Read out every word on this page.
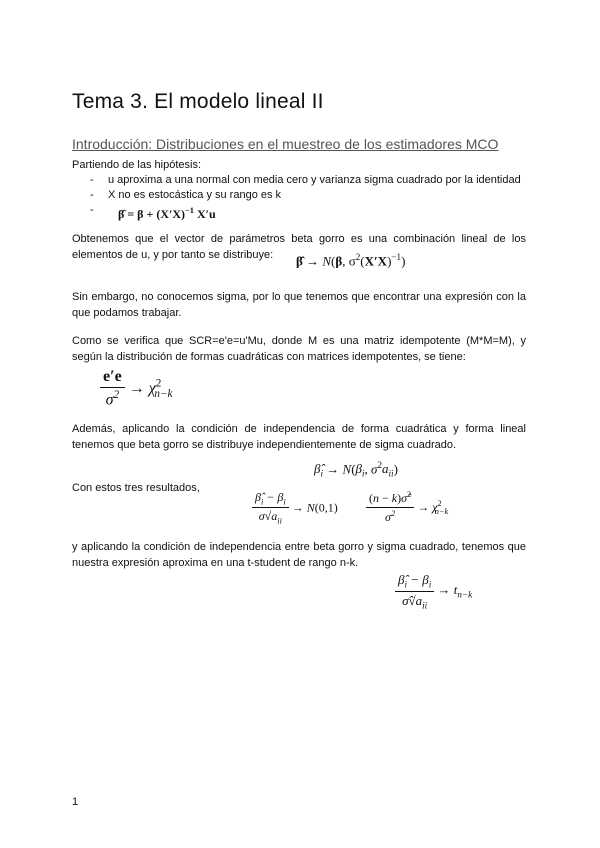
Tema 3. El modelo lineal II
Introducción: Distribuciones en el muestreo de los estimadores MCO
Partiendo de las hipótesis:
-	u aproxima a una normal con media cero y varianza sigma cuadrado por la identidad
-	X no es estocástica y su rango es k
-	β̂ = $\beta + (X'X)^{-1}$ X′u
Obtenemos que el vector de parámetros beta gorro es una combinación lineal de los elementos de u, y por tanto se distribuye:	β̂ → N(β, $\sigma^2(X'X)^{-1}$)
Sin embargo, no conocemos sigma, por lo que tenemos que encontrar una expresión con la que podamos trabajar.
Como se verifica que SCR=e'e=u'Mu, donde M es una matriz idempotente (M*M=M), y según la distribución de formas cuadráticas con matrices idempotentes, se tiene:
$\frac{e'e}{\sigma^2} \to \chi^2_{n-k}$
Además, aplicando la condición de independencia de forma cuadrática y forma lineal tenemos que beta gorro se distribuye independientemente de sigma cuadrado.
$\betâ_i \to N(\beta_i$, $\sigma^2a_{ii}$)
Con estos tres resultados,
$\frac{\betâ_i - \beta_i}{\sigma√a_{ii}} \to N(0,1) \frac{(n - k)\sigmâ^2}{\sigma^2} \to \chi^2_{n-k}$
y aplicando la condición de independencia entre beta gorro y sigma cuadrado, tenemos que nuestra expresión aproxima en una t-student de rango n-k.
$\frac{\betâ_i - \beta_i}{\sigmâ√a_{ii}} \to t_{n-k}$
1
